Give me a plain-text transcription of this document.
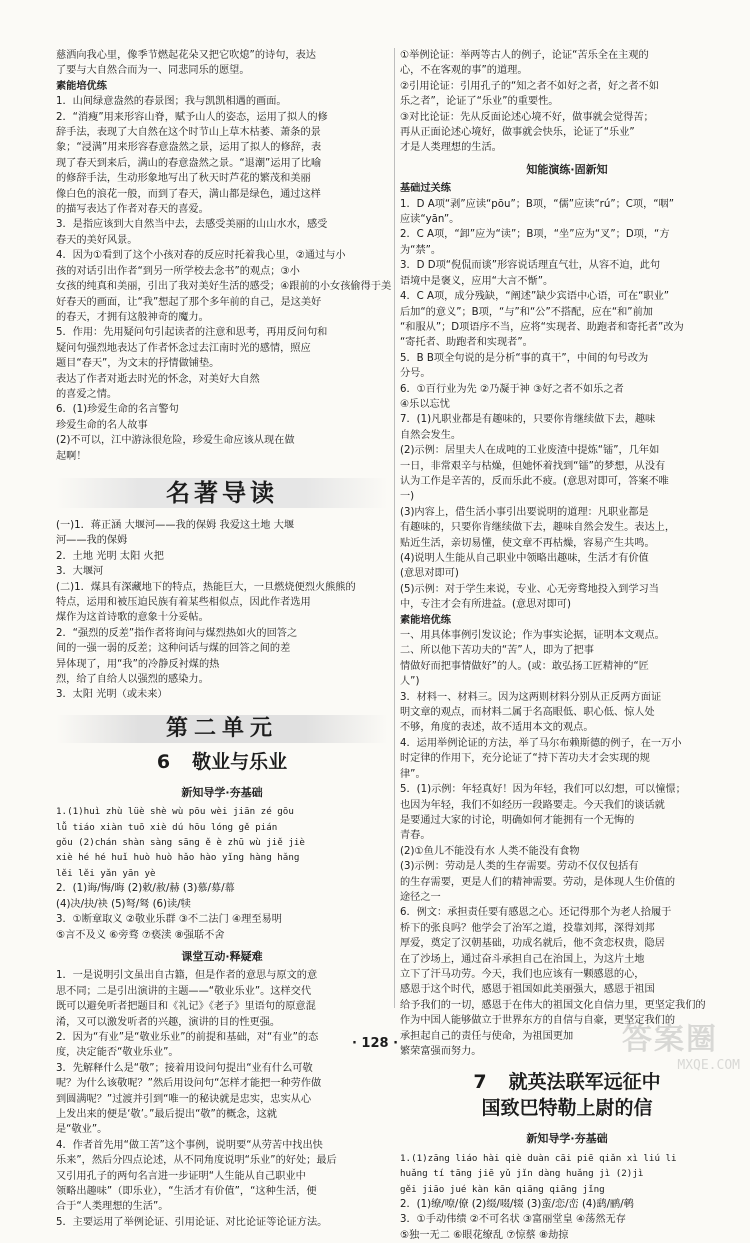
慈洒向我心里，像季节燃起花朵又把它吹熄”的诗句，表达
了要与大自然合而为一、同悲同乐的愿望。
素能培优练
1．山间绿意盎然的春景图；我与凯凯相遇的画面。
2．“消瘦”用来形容山脊，赋予山人的姿态，运用了拟人的修
辞手法，表现了大自然在这个时节山上草木枯萎、萧条的景
象；“浸满”用来形容春意盎然之景，运用了拟人的修辞，表
现了春天到来后，满山的春意盎然之景。“退潮”运用了比喻
的修辞手法，生动形象地写出了秋天时芦花的繁茂和美丽
像白色的浪花一般，而到了春天，满山都是绿色，通过这样
的描写表达了作者对春天的喜爱。
3．是指应该到大自然当中去，去感受美丽的山山水水，感受
春天的美好风景。
4．因为①看到了这个小孩对春的反应时托着我心里，②通过与小
孩的对话引出作者“到另一所学校去念书”的观点；③小
女孩的纯真和美丽，引出了我对美好生活的感受；④跟前的小女孩偷得于美
好春天的画面，让“我”想起了那个多年前的自己，是这美好
的春天，才拥有这般神奇的魔力。
5．作用：先用疑问句引起读者的注意和思考，再用反问句和
疑问句强烈地表达了作者怀念过去江南时光的感情，照应
题目“春天”，为文末的抒情做铺垫。
表达了作者对逝去时光的怀念，对美好大自然
的喜爱之情。
6．(1)珍爱生命的名言警句
珍爱生命的名人故事
(2)不可以，江中游泳很危险，珍爱生命应该从现在做
起啊！
名著导读
(一)1．蒋正涵 大堰河——我的保姆 我爱这土地 大堰
河——我的保姆
2．土地 光明 太阳 火把
3．大堰河
(二)1．煤具有深藏地下的特点，热能巨大，一旦燃烧便烈火熊熊的
特点，运用和被压迫民族有着某些相似点，因此作者选用
煤作为这首诗歌的意象十分妥帖。
2．“强烈的反差”指作者将询问与煤烈热如火的回答之
间的一强一弱的反差；这种问话与煤的回答之间的差
异体现了，用“我”的冷静反衬煤的热
烈，给了自给人以强烈的感染力。
3．太阳 光明（或未来）
第二单元
6 敬业与乐业
新知导学·夯基础
1.(1)huì zhù lüè shè wù pōu wèi jiān zé gōu
lǚ tiáo xiàn tuō xiè dú hōu lóng gě pián
gǒu (2)chán shàn sàng sāng ě è zhū wù jiě jiè
xiè hé hé huǐ huò huò hǎo hào yǐng hàng hǎng
lěi lěi yǎn yān yè
2．(1)诲/悔/晦 (2)敕/赦/赫 (3)慕/募/幕
(4)决/抉/袂 (5)弩/驽 (6)读/犊
3．①断章取义 ②敬业乐群 ③不二法门 ④理至易明
⑤言不及义 ⑥旁骛 ⑦亵渎 ⑧强聒不舍
课堂互动·释疑难
1．一是说明引文虽出自古籍，但是作者的意思与原文的意
思不同；二是引出演讲的主题——“敬业乐业”。这样交代
既可以避免听者把题目和《礼记》《老子》里语句的原意混
淆，又可以激发听者的兴趣，演讲的目的性更强。
2．因为“有业”是“敬业乐业”的前提和基础，对“有业”的态
度，决定能否“敬业乐业”。
3．先解释什么是“敬”；接着用设问句提出“业有什么可敬
呢？为什么该敬呢？”然后用设问句“怎样才能把一种劳作做
到圆满呢？”过渡并引到“唯一的秘诀就是忠实，忠实从心
上发出来的便是‘敬’。”最后提出“敬”的概念，这就
是“敬业”。
4．作者首先用“做工苦”这个事例，说明要“从劳苦中找出快
乐来”，然后分四点论述，从不同角度说明“乐业”的好处；最后
又引用孔子的两句名言进一步证明“人生能从自己职业中
领略出趣味”（即乐业），“生活才有价值”，“这种生活，便
合于“人类理想的生活”。
5．主要运用了举例论证、引用论证、对比论证等论证方法。
①举例论证：举两等古人的例子，论证“苦乐全在主观的
心，不在客观的事”的道理。
②引用论证：引用孔子的“知之者不如好之者，好之者不如
乐之者”，论证了“乐业”的重要性。
③对比论证：先从反面论述心境不好，做事就会觉得苦；
再从正面论述心境好，做事就会快乐，论证了“乐业”
才是人类理想的生活。
知能演练·固新知
基础过关练
1．D A项“剥”应读“pōu”；B项，“儒”应读“rú”；C项，“咽”
应读“yān”。
2．C A项，“卸”应为“读”；B项，“坐”应为“叉”；D项，“方
为“禁”。
3．D D项“倪侃而谈”形容说话理直气壮，从容不迫，此句
语境中是褒义，应用“大言不惭”。
4．C A项，成分残缺，“阐述”缺少宾语中心语，可在“职业”
后加“的意义”；B项，“与”和“公”不搭配，应在“和”前加
“和服从”；D项语序不当，应将“实现者、助跑者和寄托者”改为
“寄托者、助跑者和实现者”。
5．B B项全句说的是分析“事的真干”，中间的句号改为
分号。
6．①百行业为先 ②乃凝于神 ③好之者不如乐之者
④乐以忘忧
7．(1)凡职业都是有趣味的，只要你肯继续做下去，趣味
自然会发生。
(2)示例：居里夫人在成吨的工业废渣中提炼“镭”，几年如
一日，非常艰辛与枯燥，但她怀着找到“镭”的梦想，从没有
认为工作是辛苦的，反而乐此不疲。(意思对即可，答案不唯
一)
(3)内容上，借生活小事引出要说明的道理：凡职业都是
有趣味的，只要你肯继续做下去，趣味自然会发生。表达上，
贴近生活，亲切易懂，使文章不再枯燥，容易产生共鸣。
(4)说明人生能从自己职业中领略出趣味，生活才有价值
(意思对即可)
(5)示例：对于学生来说，专业、心无旁骛地投入到学习当
中，专注才会有所进益。(意思对即可)
素能培优练
一、用具体事例引发议论；作为事实论据，证明本文观点。
二、所以他下苦功夫的“苦”人，即为了把事
情做好而把事情做好”的人。(或：敢弘扬工匠精神的“匠
人”)
3．材料一、材料三。因为这两则材料分别从正反两方面证
明文章的观点，而材料二属于名高眼低、职心低、惊人处
不够，角度的表述，故不适用本文的观点。
4．运用举例论证的方法，举了马尔布赖斯德的例子，在一万小
时定律的作用下，充分论证了“持下苦功夫才会实现的规
律”。
5．(1)示例：年轻真好！因为年轻，我们可以幻想，可以憧憬；
也因为年轻，我们不如经历一段路要走。今天我们的谈话就
是要通过大家的讨论，明确如何才能拥有一个无悔的
青春。
(2)①鱼儿不能没有水 人类不能没有食物
(3)示例：劳动是人类的生存需要。劳动不仅仅包括有
的生存需要，更是人们的精神需要。劳动，是体现人生价值的
途径之一
6．例文：承担责任要有感恩之心。还记得那个为老人拾履于
桥下的张良吗？他学会了治军之道，投靠刘邦，深得刘邦
厚爱，奠定了汉朝基础，功成名就后，他不贪恋权贵，隐居
在了沙场上，通过奋斗承担自己在治国上，为这片土地
立下了汗马功劳。今天，我们也应该有一颗感恩的心，
感恩于这个时代，感恩于祖国如此美丽强大，感恩于祖国
给予我们的一切，感恩于在伟大的祖国文化自信力里，更坚定我们的
作为中国人能够做立于世界东方的自信与自豪，更坚定我们的
承担起自己的责任与使命，为祖国更加
繁荣富强而努力。
7 就英法联军远征中
国致巴特勒上尉的信
新知导学·夯基础
1.(1)zāng liáo hài qiè duàn cāi piē qiǎn xì liú li
huǎng tí tāng jiē yǔ jǐn dàng huǎng jì (2)jì
gěi jiāo jué kàn kān qiāng qiāng jǐng
2．(1)缭/嘹/僚 (2)缀/啜/辍 (3)蛮/恋/峦 (4)鹞/鹂/鹌
3．①手动伟绩 ②不可名状 ③富丽堂皇 ④荡然无存
⑤独一无二 ⑥眼花缭乱 ⑦惊蔡 ⑧劫掠
· 128 ·	答案圈
MXQE.COM
